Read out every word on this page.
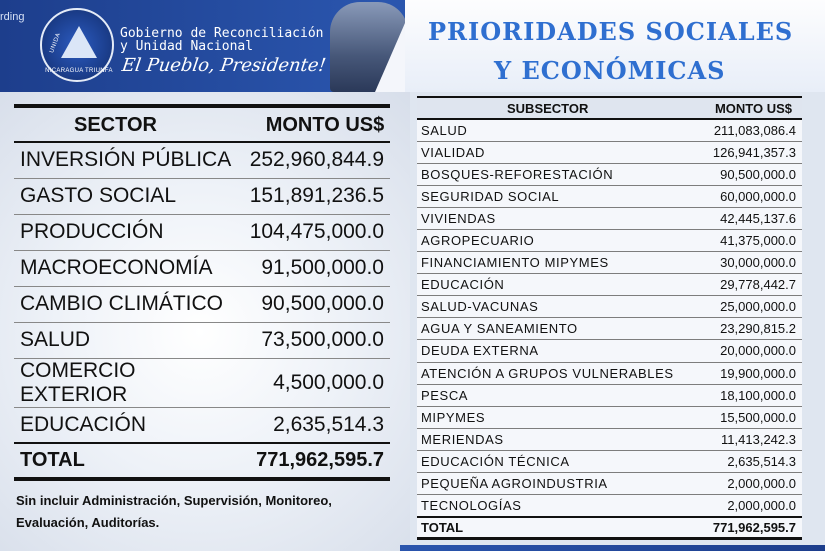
rding
UNIDA
NICARAGUA TRIUNFA
Gobierno de Reconciliación
y Unidad Nacional
El Pueblo, Presidente!
PRIORIDADES SOCIALES
Y ECONÓMICAS
SECTOR	MONTO US$
INVERSIÓN PÚBLICA	252,960,844.9
GASTO SOCIAL	151,891,236.5
PRODUCCIÓN	104,475,000.0
MACROECONOMÍA	91,500,000.0
CAMBIO CLIMÁTICO	90,500,000.0
SALUD	73,500,000.0
COMERCIO EXTERIOR	4,500,000.0
EDUCACIÓN	2,635,514.3
TOTAL	771,962,595.7
Sin incluir Administración, Supervisión, Monitoreo, Evaluación, Auditorías.
SUBSECTOR	MONTO US$
SALUD	211,083,086.4
VIALIDAD	126,941,357.3
BOSQUES-REFORESTACIÓN	90,500,000.0
SEGURIDAD SOCIAL	60,000,000.0
VIVIENDAS	42,445,137.6
AGROPECUARIO	41,375,000.0
FINANCIAMIENTO MIPYMES	30,000,000.0
EDUCACIÓN	29,778,442.7
SALUD-VACUNAS	25,000,000.0
AGUA Y SANEAMIENTO	23,290,815.2
DEUDA EXTERNA	20,000,000.0
ATENCIÓN A GRUPOS VULNERABLES	19,900,000.0
PESCA	18,100,000.0
MIPYMES	15,500,000.0
MERIENDAS	11,413,242.3
EDUCACIÓN TÉCNICA	2,635,514.3
PEQUEÑA AGROINDUSTRIA	2,000,000.0
TECNOLOGÍAS	2,000,000.0
TOTAL	771,962,595.7
